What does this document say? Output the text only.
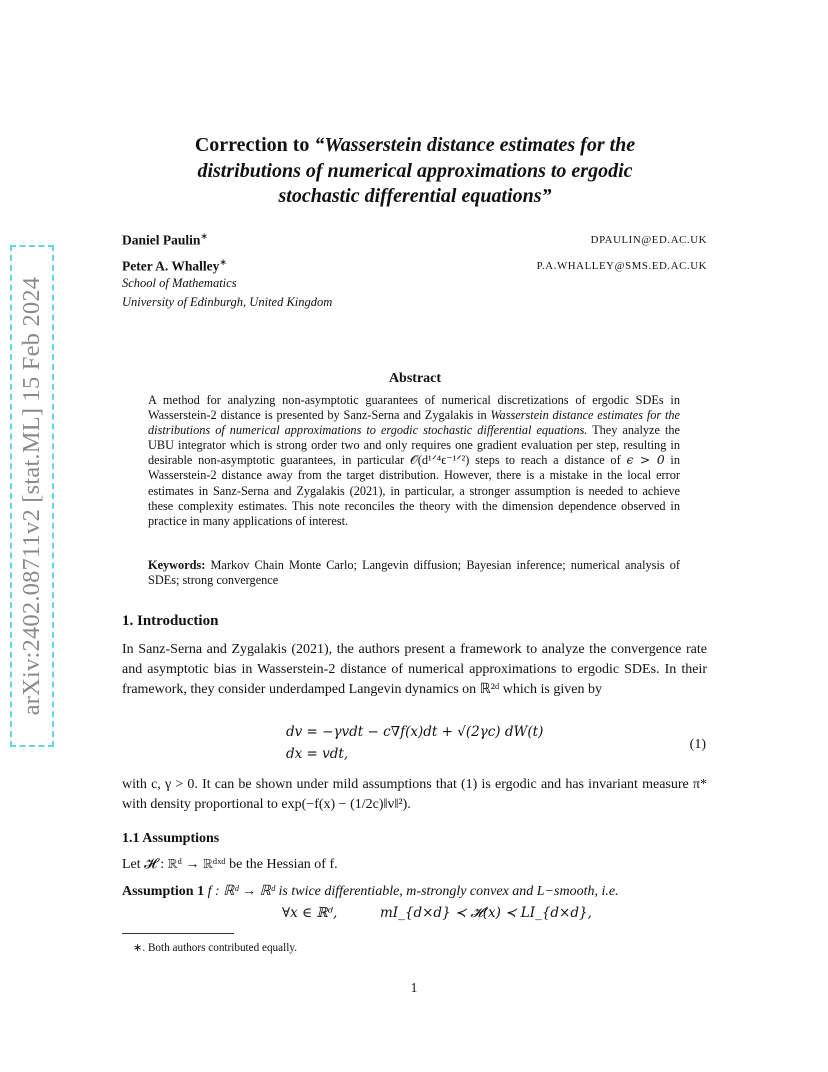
arXiv:2402.08711v2 [stat.ML] 15 Feb 2024
Correction to “Wasserstein distance estimates for the
distributions of numerical approximations to ergodic
stochastic differential equations”
Daniel Paulin∗	DPAULIN@ED.AC.UK
Peter A. Whalley∗	P.A.WHALLEY@SMS.ED.AC.UK
School of Mathematics
University of Edinburgh, United Kingdom
Abstract
A method for analyzing non-asymptotic guarantees of numerical discretizations of ergodic SDEs in Wasserstein-2 distance is presented by Sanz-Serna and Zygalakis in Wasserstein distance estimates for the distributions of numerical approximations to ergodic stochastic differential equations. They analyze the UBU integrator which is strong order two and only requires one gradient evaluation per step, resulting in desirable non-asymptotic guarantees, in particular 𝒪(d¹ᐟ⁴ϵ⁻¹ᐟ²) steps to reach a distance of ϵ > 0 in Wasserstein-2 distance away from the target distribution. However, there is a mistake in the local error estimates in Sanz-Serna and Zygalakis (2021), in particular, a stronger assumption is needed to achieve these complexity estimates. This note reconciles the theory with the dimension dependence observed in practice in many applications of interest.
Keywords: Markov Chain Monte Carlo; Langevin diffusion; Bayesian inference; numerical analysis of SDEs; strong convergence
1. Introduction
In Sanz-Serna and Zygalakis (2021), the authors present a framework to analyze the convergence rate and asymptotic bias in Wasserstein-2 distance of numerical approximations to ergodic SDEs. In their framework, they consider underdamped Langevin dynamics on ℝ²ᵈ which is given by
dv = −γvdt − c∇f(x)dt + √(2γc) dW(t)
dx = vdt,
(1)
with c, γ > 0. It can be shown under mild assumptions that (1) is ergodic and has invariant measure π* with density proportional to exp(−f(x) − (1/2c)‖v‖²).
1.1 Assumptions
Let 𝓗 : ℝᵈ → ℝᵈˣᵈ be the Hessian of f.
Assumption 1 f : ℝᵈ → ℝᵈ is twice differentiable, m-strongly convex and L−smooth, i.e.
∀x ∈ ℝᵈ,	mI_{d×d} ≺ 𝓗(x) ≺ LI_{d×d},
∗. Both authors contributed equally.
1
